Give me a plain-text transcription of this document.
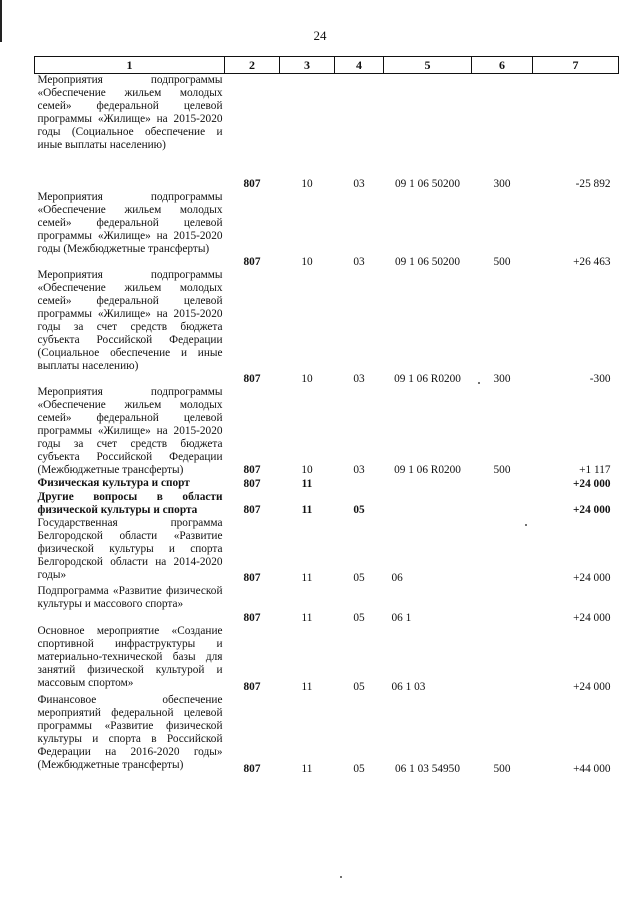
24
1	2	3	4	5	6	7
Мероприятия подпрограммы «Обеспечение жильем молодых семей» федеральной целевой программы «Жилище» на 2015-2020 годы (Социальное обеспечение и иные выплаты населению)	807	10	03	09 1 06 50200	300	-25 892
Мероприятия подпрограммы «Обеспечение жильем молодых семей» федеральной целевой программы «Жилище» на 2015-2020 годы (Межбюджетные трансферты)	807	10	03	09 1 06 50200	500	+26 463
Мероприятия подпрограммы «Обеспечение жильем молодых семей» федеральной целевой программы «Жилище» на 2015-2020 годы за счет средств бюджета субъекта Российской Федерации (Социальное обеспечение и иные выплаты населению)	807	10	03	09 1 06 R0200	300	-300
Мероприятия подпрограммы «Обеспечение жильем молодых семей» федеральной целевой программы «Жилище» на 2015-2020 годы за счет средств бюджета субъекта Российской Федерации (Межбюджетные трансферты)	807	10	03	09 1 06 R0200	500	+1 117
Физическая культура и спорт	807	11				+24 000
Другие вопросы в области физической культуры и спорта	807	11	05			+24 000
Государственная программа Белгородской области «Развитие физической культуры и спорта Белгородской области на 2014-2020 годы»	807	11	05	06		+24 000
Подпрограмма «Развитие физической культуры и массового спорта»	807	11	05	06 1		+24 000
Основное мероприятие «Создание спортивной инфраструктуры и материально-технической базы для занятий физической культурой и массовым спортом»	807	11	05	06 1 03		+24 000
Финансовое обеспечение мероприятий федеральной целевой программы «Развитие физической культуры и спорта в Российской Федерации на 2016-2020 годы» (Межбюджетные трансферты)	807	11	05	06 1 03 54950	500	+44 000
